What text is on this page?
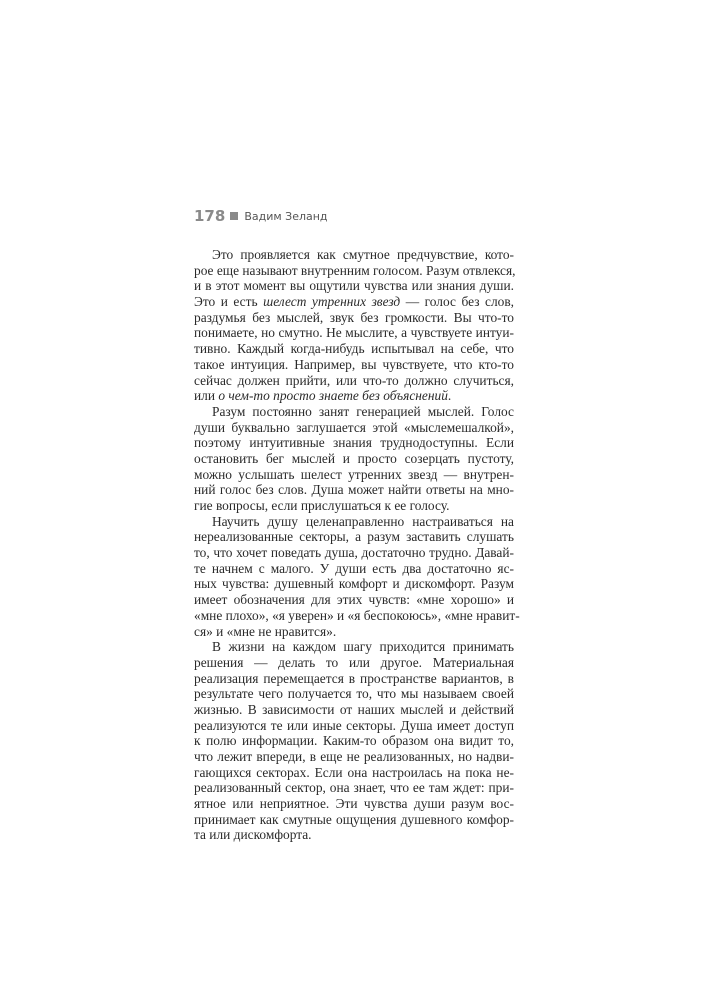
178 Вадим Зеланд
Это проявляется как смутное предчувствие, кото-
рое еще называют внутренним голосом. Разум отвлекся,
и в этот момент вы ощутили чувства или знания души.
Это и есть шелест утренних звезд — голос без слов,
раздумья без мыслей, звук без громкости. Вы что-то
понимаете, но смутно. Не мыслите, а чувствуете интуи-
тивно. Каждый когда-нибудь испытывал на себе, что
такое интуиция. Например, вы чувствуете, что кто-то
сейчас должен прийти, или что-то должно случиться,
или о чем-то просто знаете без объяснений.
Разум постоянно занят генерацией мыслей. Голос
души буквально заглушается этой «мыслемешалкой»,
поэтому интуитивные знания труднодоступны. Если
остановить бег мыслей и просто созерцать пустоту,
можно услышать шелест утренних звезд — внутрен-
ний голос без слов. Душа может найти ответы на мно-
гие вопросы, если прислушаться к ее голосу.
Научить душу целенаправленно настраиваться на
нереализованные секторы, а разум заставить слушать
то, что хочет поведать душа, достаточно трудно. Давай-
те начнем с малого. У души есть два достаточно яс-
ных чувства: душевный комфорт и дискомфорт. Разум
имеет обозначения для этих чувств: «мне хорошо» и
«мне плохо», «я уверен» и «я беспокоюсь», «мне нравит-
ся» и «мне не нравится».
В жизни на каждом шагу приходится принимать
решения — делать то или другое. Материальная
реализация перемещается в пространстве вариантов, в
результате чего получается то, что мы называем своей
жизнью. В зависимости от наших мыслей и действий
реализуются те или иные секторы. Душа имеет доступ
к полю информации. Каким-то образом она видит то,
что лежит впереди, в еще не реализованных, но надви-
гающихся секторах. Если она настроилась на пока не-
реализованный сектор, она знает, что ее там ждет: при-
ятное или неприятное. Эти чувства души разум вос-
принимает как смутные ощущения душевного комфор-
та или дискомфорта.
